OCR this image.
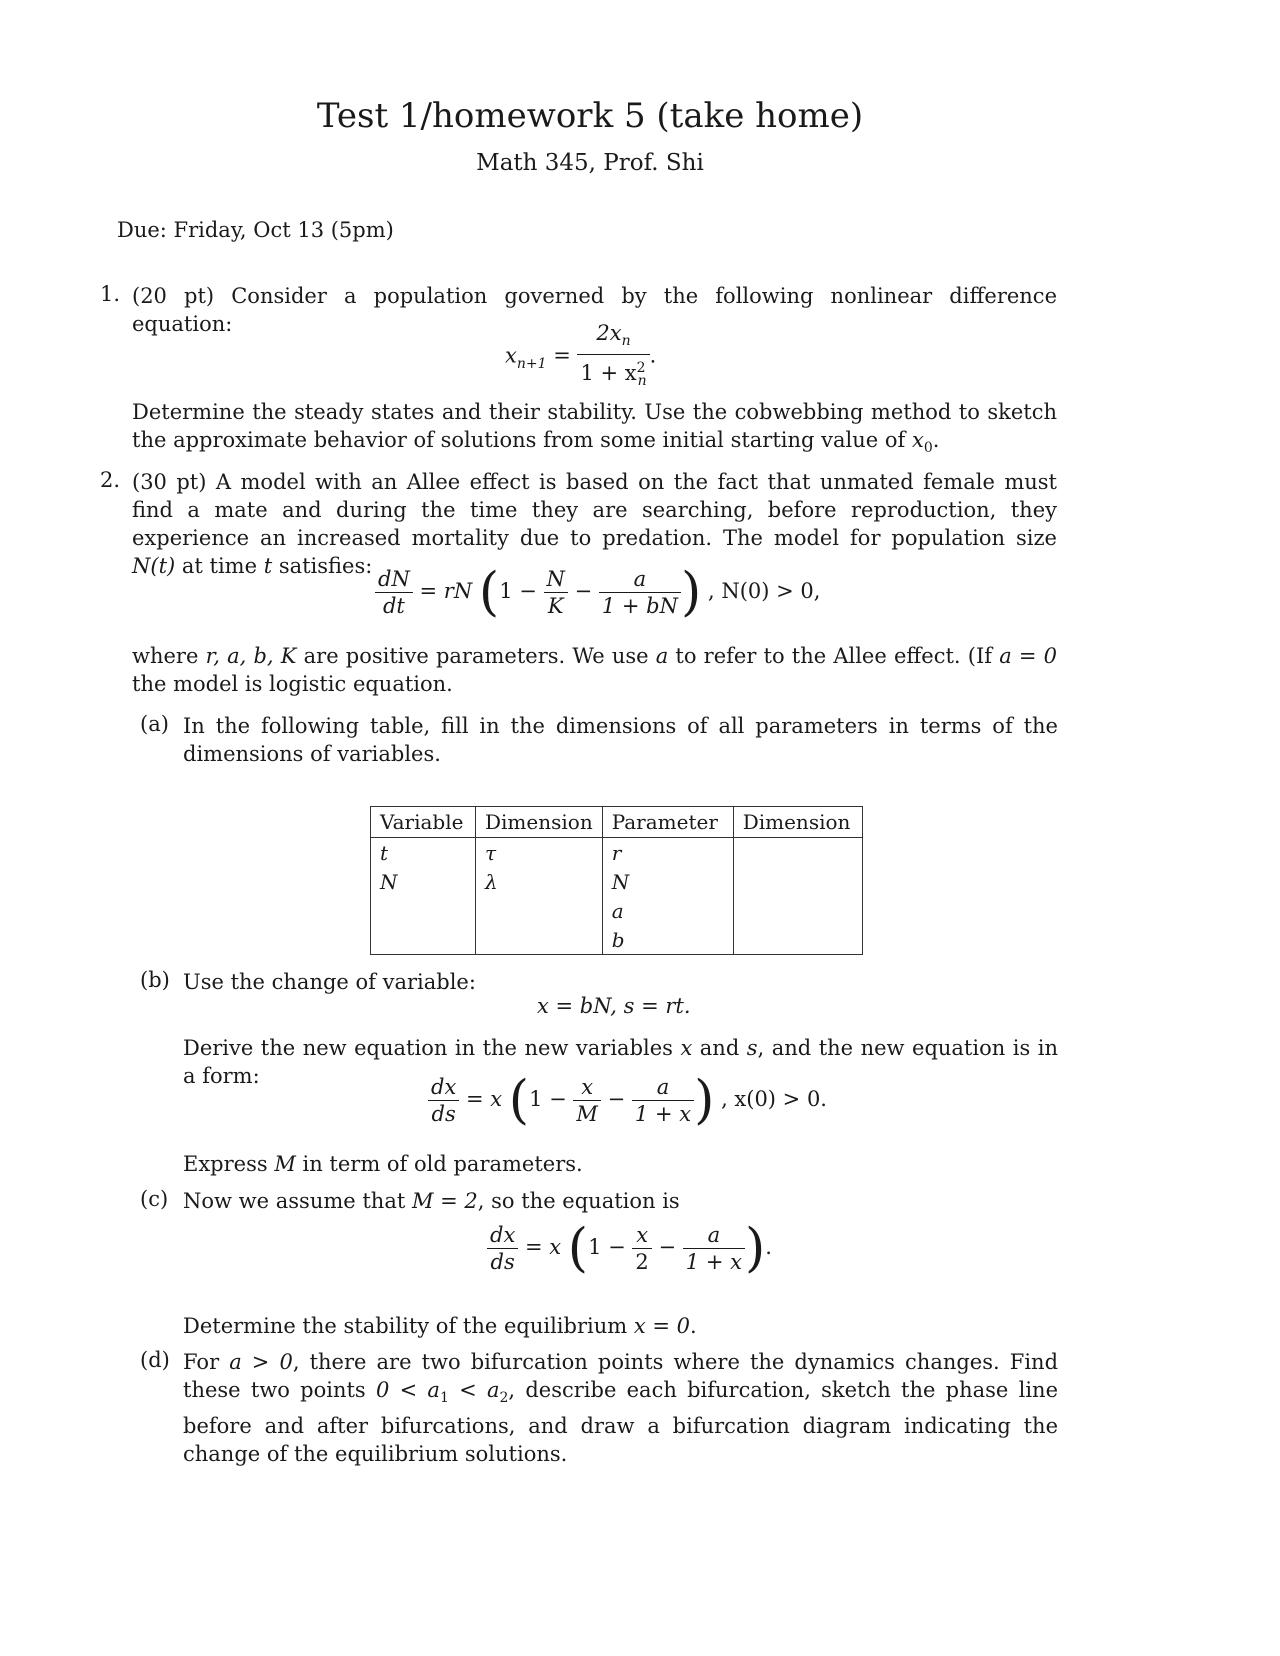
Test 1/homework 5 (take home)
Math 345, Prof. Shi
Due: Friday, Oct 13 (5pm)
1. (20 pt) Consider a population governed by the following nonlinear difference equation:
$x_{n+1} = \frac{2x_n}{1 + x^2_n}$ .
Determine the steady states and their stability. Use the cobwebbing method to sketch the approximate behavior of solutions from some initial starting value of $x_0$.
2. (30 pt) A model with an Allee effect is based on the fact that unmated female must find a mate and during the time they are searching, before reproduction, they experience an increased mortality due to predation. The model for population size N(t) at time t satisfies: $\frac{dN}{dt}$ = rN ($1 - \frac{N}{K} - \frac{a}{1 + bN}$ ) , N(0) > 0,
where r, a, b, K are positive parameters. We use a to refer to the Allee effect. (If a = 0 the model is logistic equation.
(a) In the following table, fill in the dimensions of all parameters in terms of the dimensions of variables.
Variable	Dimension	Parameter	Dimension
t	τ	r	
N	λ	N	
		a	
		b	
(b) Use the change of variable:
x = bN, s = rt.
Derive the new equation in the new variables x and s, and the new equation is in a form:	$\frac{dx}{ds} = x$ ($1 - \frac{x}{M} - \frac{a}{1 + x}$ ) , x(0) > 0.
Express M in term of old parameters.
(c) Now we assume that M = 2, so the equation is
$\frac{dx}{ds} = x$ ($1 - \frac{x}{2} - \frac{a}{1 + x}$ ).
Determine the stability of the equilibrium x = 0.
(d) For a > 0, there are two bifurcation points where the dynamics changes. Find these two points $0 < a_1 < a_2$, describe each bifurcation, sketch the phase line before and after bifurcations, and draw a bifurcation diagram indicating the change of the equilibrium solutions.
